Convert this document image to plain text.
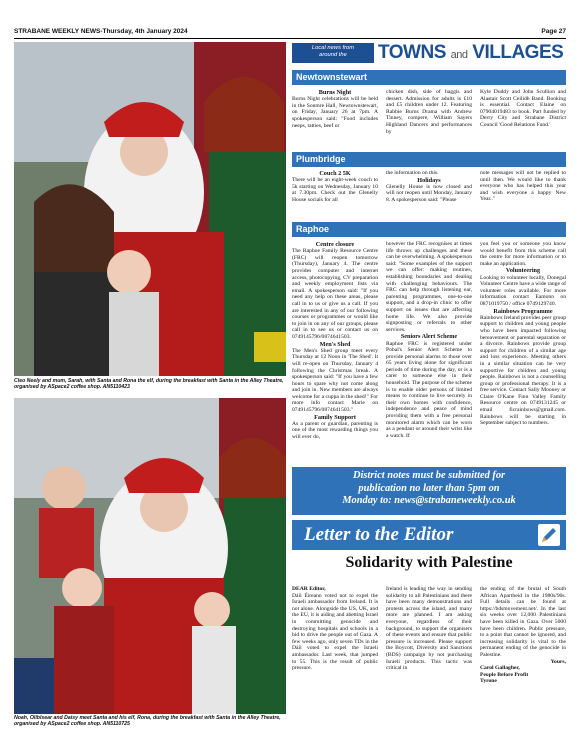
STRABANE WEEKLY NEWS-Thursday, 4th January 2024	Page 27
Cleo Neely and mum, Sarah, with Santa and Rona the elf, during the breakfast with Santa in the Alley Theatre, organised by ASpace2 coffee shop. AN5110423
Noah, Oliblsear and Daisy meet Santa and his elf, Rona, during the breakfast with Santa in the Alley Theatre, organised by ASpace2 coffee shop. AN5110725
Local news from
around the	TOWNS and VILLAGES
Newtownstewart
Burns Night

Burns Night celebrations will be held in the Sonmre Hall, Newtownstewart, on Friday, January 26 at 7pm. A spokesperson said: "Food includes neeps, tatties, beef or

chicken dish, side of haggis and dessert. Admission for adults is £10 and £5 children under 12. Featuring Rabbie Burns Drama with Andrew Tinney, compere, William Sayers Highland Dancers and performances by

Kyle Duddy and John Scullion and Alastair Scott Ceilidh Band. Booking is essential. Contact Elaine on 07904019483 to book. Part funded by Derry City and Strabane District Council 'Good Relations Fund.'

Plumbridge
Couch 2 5K

There will be an eight-week couch to 5k starting on Wednesday, January 10 at 7.30pm. Check out the Glenelly House socials for all

the information on this.

Holidays

Glenelly House is now closed and will not reopen until Monday, January 8. A spokesperson said: "Please

note messages will not be replied to until then. We would like to thank everyone who has helped this year and wish everyone a happy New Year.."

Raphoe
Centre closure

The Raphoe Family Resource Centre (FRC) will reopen tomorrow (Thursday), January 4. The centre provides computer and internet access, photocopying, CV preparation and weekly employment lists via email. A spokesperson said: "If you need any help on these areas, please call in to us or give us a call. If you are interested in any of our following courses or programmes or would like to join in on any of our groups, please call in to see us or contact us on 0749145796/0874641503.

Men's Shed

The Men's Shed group meet every Thursday at 12 Noon in 'The Shed'. It will re-open on Thursday, January 4 following the Christmas break. A spokesperson said: "If you have a few hours to spare why not come along and join in. New members are always welcome for a cuppa in the shed!" For more info contact Marie on 0749145796/0874641503."

Family Support

As a parent or guardian, parenting is one of the most rewarding things you will ever do,

however the FRC recognises at times life throws up challenges and these can be overwhelming. A spokesperson said: "Some examples of the support we can offer: making routines, establishing boundaries and dealing with challenging behaviours. The FRC can help through listening ear, parenting programmes, one-to-one support, and a drop-in clinic to offer support on issues that are affecting home life. We also provide signposting or referrals to other services.

Seniors Alert Scheme

Raphoe FRC is registered under Pobal's Senior Alert Scheme to provide personal alarms to those over 65 years living alone for significant periods of time during the day, or is a carer to someone else in their household. The purpose of the scheme is to enable older persons of limited means to continue to live securely in their own homes with confidence, independence and peace of mind providing them with a free personal monitored alarm which can be worn as a pendant or around their wrist like a watch. If

you feel you or someone you know would benefit from this scheme call the centre for more information or to make an application.

Volunteering

Looking to volunteer locally, Donegal Volunteer Centre have a wide range of volunteer roles available. For more information contact Eamonn on 0871019750 / office 0749129740.

Rainbows Programme

Rainbows Ireland provides peer group support to children and young people who have been impacted following bereavement or parental separation or a divorce. Rainbows provide group support for children of a similar age and loss experience. Meeting others in a similar situation can be very supportive for children and young people. Rainbows is not a counselling group or professional therapy. It is a free service. Contact Sally Mooney or Claire O'Kane Finn Valley Family Resource centre on 0749131245 or email ficrainbows@gmail.com. Rainbows will be starting in September subject to numbers.

District notes must be submitted for
publication no later than 5pm on
Monday to: news@strabaneweekly.co.uk
Letter to the Editor
Solidarity with Palestine

DEAR Editor,

Dáil Éireann voted not to expel the Israeli ambassador from Ireland. It is not alone. Alongside the US, UK, and the EU, it is aiding and abetting Israel in committing genocide and destroying hospitals and schools in a bid to drive the people out of Gaza. A few weeks ago, only seven TDs in the Dáil voted to expel the Israeli ambassador. Last week, that jumped to 55. This is the result of public pressure.

Ireland is leading the way in sending solidarity to all Palestinians and there have been many demonstrations and protests across the island, and many more are planned. I am asking everyone, regardless of their background, to support the organisers of these events and ensure that public pressure is increased. Please support the Boycott, Diversity and Sanctions (BDS) campaign by not purchasing Israeli products. This tactic was critical in

the ending of the brutal of South African Apartheid in the 1980s/90s. Full details can be found at https://bdsmovement.net/. In the last six weeks over 12,000 Palestinians have been killed in Gaza. Over 5000 have been children. Public pressure, to a point that cannot be ignored, and increasing solidarity is vital to the permanent ending of the genocide in Palestine.

Yours,

Carol Gallagher,

People Before Profit

Tyrone
